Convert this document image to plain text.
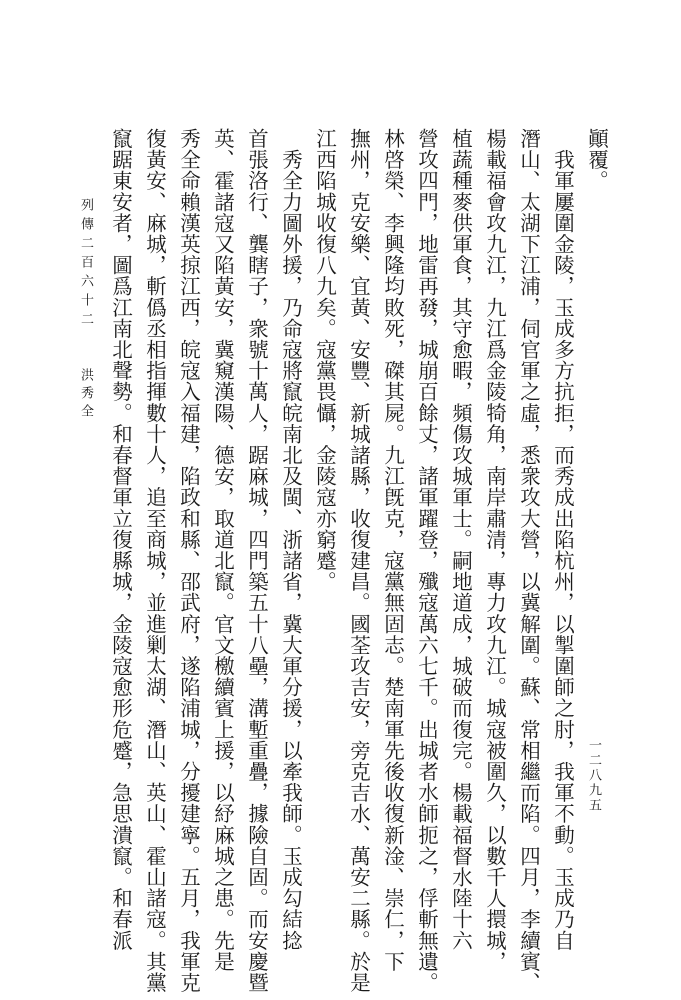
列傳二百六十二
洪秀全 竄踞東安者，圖爲江南北聲勢。和春督軍立復縣城，金陵寇愈形危蹙，急思潰竄。和春派 復黃安、麻城，斬僞丞相指揮數十人，追至商城，並進剿太湖、潛山、英山、霍山諸寇。其黨 秀全命賴漢英掠江西，皖寇入福建，陷政和縣、邵武府，遂陷浦城，分擾建寧。五月，我軍克 英、霍諸寇又陷黃安，冀窺漢陽、德安，取道北竄。官文檄續賓上援，以紓麻城之患。先是 首張洛行、龔瞎子，衆號十萬人，踞麻城，四門築五十八壘，溝塹重疊，據險自固。而安慶暨 　秀全力圖外援，乃命寇將竄皖南北及閩、浙諸省，冀大軍分援，以牽我師。玉成勾結捻 江西陷城收復八九矣。寇黨畏懾，金陵寇亦窮蹙。 撫州，克安樂、宜黃、安豐、新城諸縣，收復建昌。國荃攻吉安，旁克吉水、萬安二縣。於是 林啓榮、李興隆均敗死，磔其屍。九江旣克，寇黨無固志。楚南軍先後收復新淦、崇仁，下 營攻四門，地雷再發，城崩百餘丈，諸軍躍登，殲寇萬六七千。出城者水師扼之，俘斬無遺。 植蔬種麥供軍食，其守愈暇，頻傷攻城軍士。嗣地道成，城破而復完。楊載福督水陸十六 楊載福會攻九江，九江爲金陵犄角，南岸肅清，專力攻九江。城寇被圍久，以數千人擐城， 潛山、太湖下江浦，伺官軍之虛，悉衆攻大營，以冀解圍。蘇、常相繼而陷。四月，李續賓、 　我軍屢圍金陵，玉成多方抗拒，而秀成出陷杭州，以掣圍師之肘，我軍不動。玉成乃自 顚覆。
一二八九五
